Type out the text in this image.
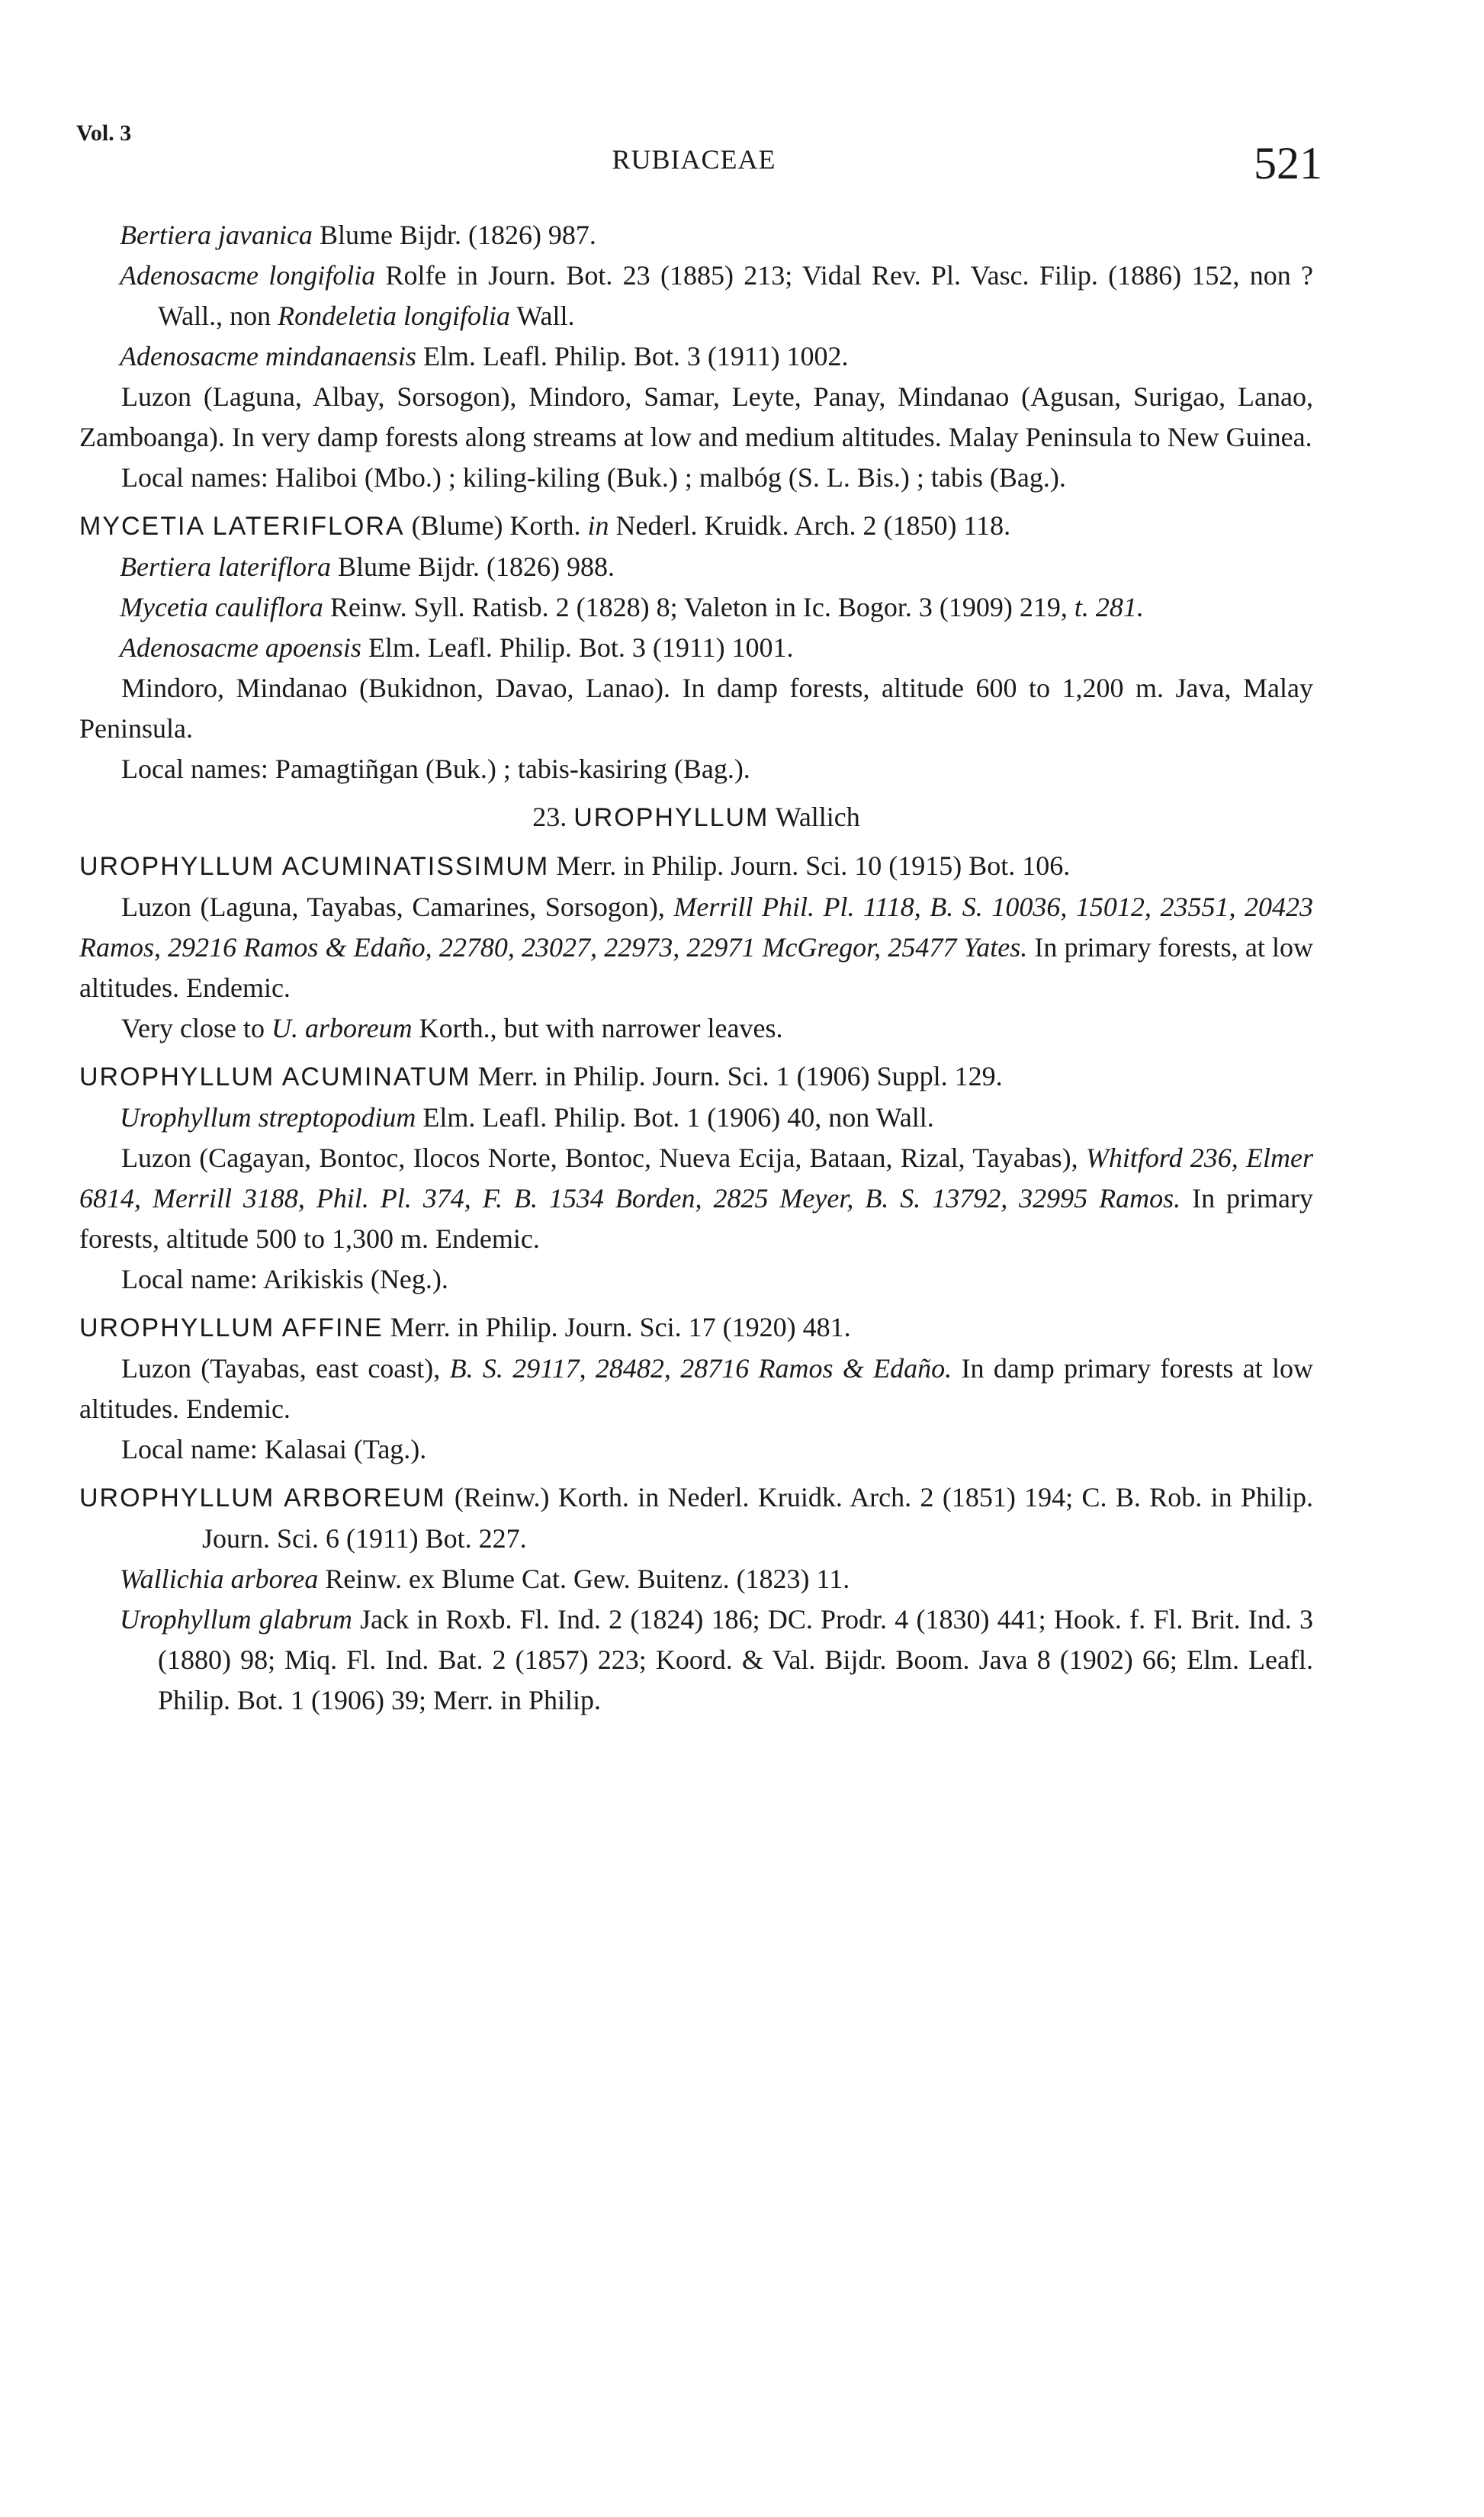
Vol. 3
RUBIACEAE	521

Bertiera javanica Blume Bijdr. (1826) 987.

Adenosacme longifolia Rolfe in Journ. Bot. 23 (1885) 213; Vidal Rev. Pl. Vasc. Filip. (1886) 152, non ? Wall., non Rondeletia longifolia Wall.

Adenosacme mindanaensis Elm. Leafl. Philip. Bot. 3 (1911) 1002.

Luzon (Laguna, Albay, Sorsogon), Mindoro, Samar, Leyte, Panay, Mindanao (Agusan, Surigao, Lanao, Zamboanga). In very damp forests along streams at low and medium altitudes. Malay Peninsula to New Guinea.

Local names: Haliboi (Mbo.) ; kiling-kiling (Buk.) ; malbóg (S. L. Bis.) ; tabis (Bag.).

MYCETIA LATERIFLORA (Blume) Korth. in Nederl. Kruidk. Arch. 2 (1850) 118.

Bertiera lateriflora Blume Bijdr. (1826) 988.

Mycetia cauliflora Reinw. Syll. Ratisb. 2 (1828) 8; Valeton in Ic. Bogor. 3 (1909) 219, t. 281.

Adenosacme apoensis Elm. Leafl. Philip. Bot. 3 (1911) 1001.

Mindoro, Mindanao (Bukidnon, Davao, Lanao). In damp forests, altitude 600 to 1,200 m. Java, Malay Peninsula.

Local names: Pamagtiñgan (Buk.) ; tabis-kasiring (Bag.).

23. UROPHYLLUM Wallich

UROPHYLLUM ACUMINATISSIMUM Merr. in Philip. Journ. Sci. 10 (1915) Bot. 106.

Luzon (Laguna, Tayabas, Camarines, Sorsogon), Merrill Phil. Pl. 1118, B. S. 10036, 15012, 23551, 20423 Ramos, 29216 Ramos & Edaño, 22780, 23027, 22973, 22971 McGregor, 25477 Yates. In primary forests, at low altitudes. Endemic.

Very close to U. arboreum Korth., but with narrower leaves.

UROPHYLLUM ACUMINATUM Merr. in Philip. Journ. Sci. 1 (1906) Suppl. 129.

Urophyllum streptopodium Elm. Leafl. Philip. Bot. 1 (1906) 40, non Wall.

Luzon (Cagayan, Bontoc, Ilocos Norte, Bontoc, Nueva Ecija, Bataan, Rizal, Tayabas), Whitford 236, Elmer 6814, Merrill 3188, Phil. Pl. 374, F. B. 1534 Borden, 2825 Meyer, B. S. 13792, 32995 Ramos. In primary forests, altitude 500 to 1,300 m. Endemic.

Local name: Arikiskis (Neg.).

UROPHYLLUM AFFINE Merr. in Philip. Journ. Sci. 17 (1920) 481.

Luzon (Tayabas, east coast), B. S. 29117, 28482, 28716 Ramos & Edaño. In damp primary forests at low altitudes. Endemic.

Local name: Kalasai (Tag.).

UROPHYLLUM ARBOREUM (Reinw.) Korth. in Nederl. Kruidk. Arch. 2 (1851) 194; C. B. Rob. in Philip. Journ. Sci. 6 (1911) Bot. 227.

Wallichia arborea Reinw. ex Blume Cat. Gew. Buitenz. (1823) 11.

Urophyllum glabrum Jack in Roxb. Fl. Ind. 2 (1824) 186; DC. Prodr. 4 (1830) 441; Hook. f. Fl. Brit. Ind. 3 (1880) 98; Miq. Fl. Ind. Bat. 2 (1857) 223; Koord. & Val. Bijdr. Boom. Java 8 (1902) 66; Elm. Leafl. Philip. Bot. 1 (1906) 39; Merr. in Philip.
